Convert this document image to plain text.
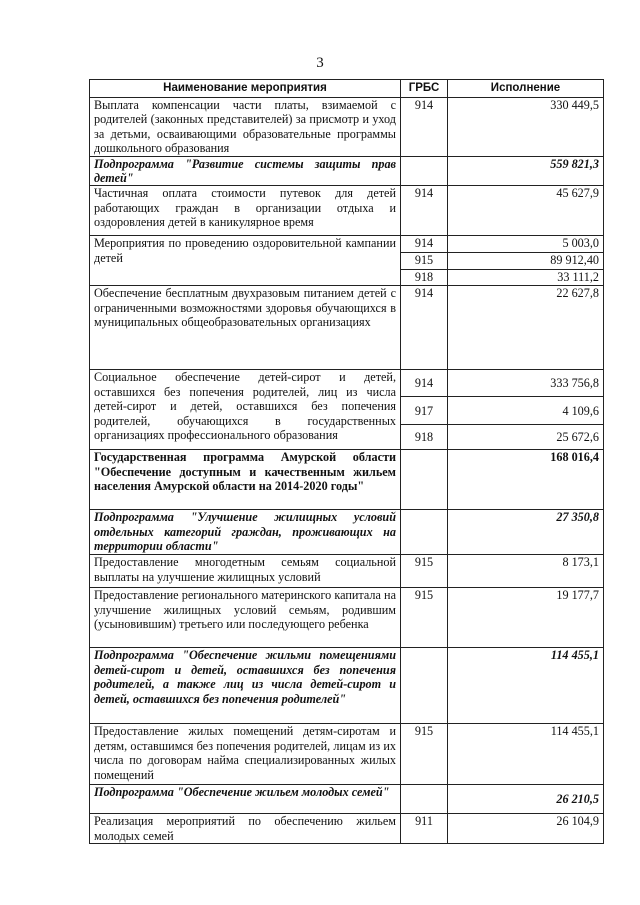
3
Наименование мероприятия	ГРБС	Исполнение
Выплата компенсации части платы, взимаемой с родителей (законных представителей) за присмотр и уход за детьми, осваивающими образовательные программы дошкольного образования	914	330 449,5
Подпрограмма "Развитие системы защиты прав детей"		559 821,3
Частичная оплата стоимости путевок для детей работающих граждан в организации отдыха и оздоровления детей в каникулярное время	914	45 627,9
Мероприятия по проведению оздоровительной кампании детей	914	5 003,0
	915	89 912,40
	918	33 111,2
Обеспечение бесплатным двухразовым питанием детей с ограниченными возможностями здоровья обучающихся в муниципальных общеобразовательных организациях	914	22 627,8
Социальное обеспечение детей-сирот и детей, оставшихся без попечения родителей, лиц из числа детей-сирот и детей, оставшихся без попечения родителей, обучающихся в государственных организациях профессионального образования	914	333 756,8
	917	4 109,6
	918	25 672,6
Государственная программа Амурской области "Обеспечение доступным и качественным жильем населения Амурской области на 2014-2020 годы"		168 016,4
Подпрограмма "Улучшение жилищных условий отдельных категорий граждан, проживающих на территории области"		27 350,8
Предоставление многодетным семьям социальной выплаты на улучшение жилищных условий	915	8 173,1
Предоставление регионального материнского капитала на улучшение жилищных условий семьям, родившим (усыновившим) третьего или последующего ребенка	915	19 177,7
Подпрограмма "Обеспечение жильми помещениями детей-сирот и детей, оставшихся без попечения родителей, а также лиц из числа детей-сирот и детей, оставшихся без попечения родителей"		114 455,1
Предоставление жилых помещений детям-сиротам и детям, оставшимся без попечения родителей, лицам из их числа по договорам найма специализированных жилых помещений	915	114 455,1
Подпрограмма "Обеспечение жильем молодых семей"		26 210,5
Реализация мероприятий по обеспечению жильем молодых семей	911	26 104,9
